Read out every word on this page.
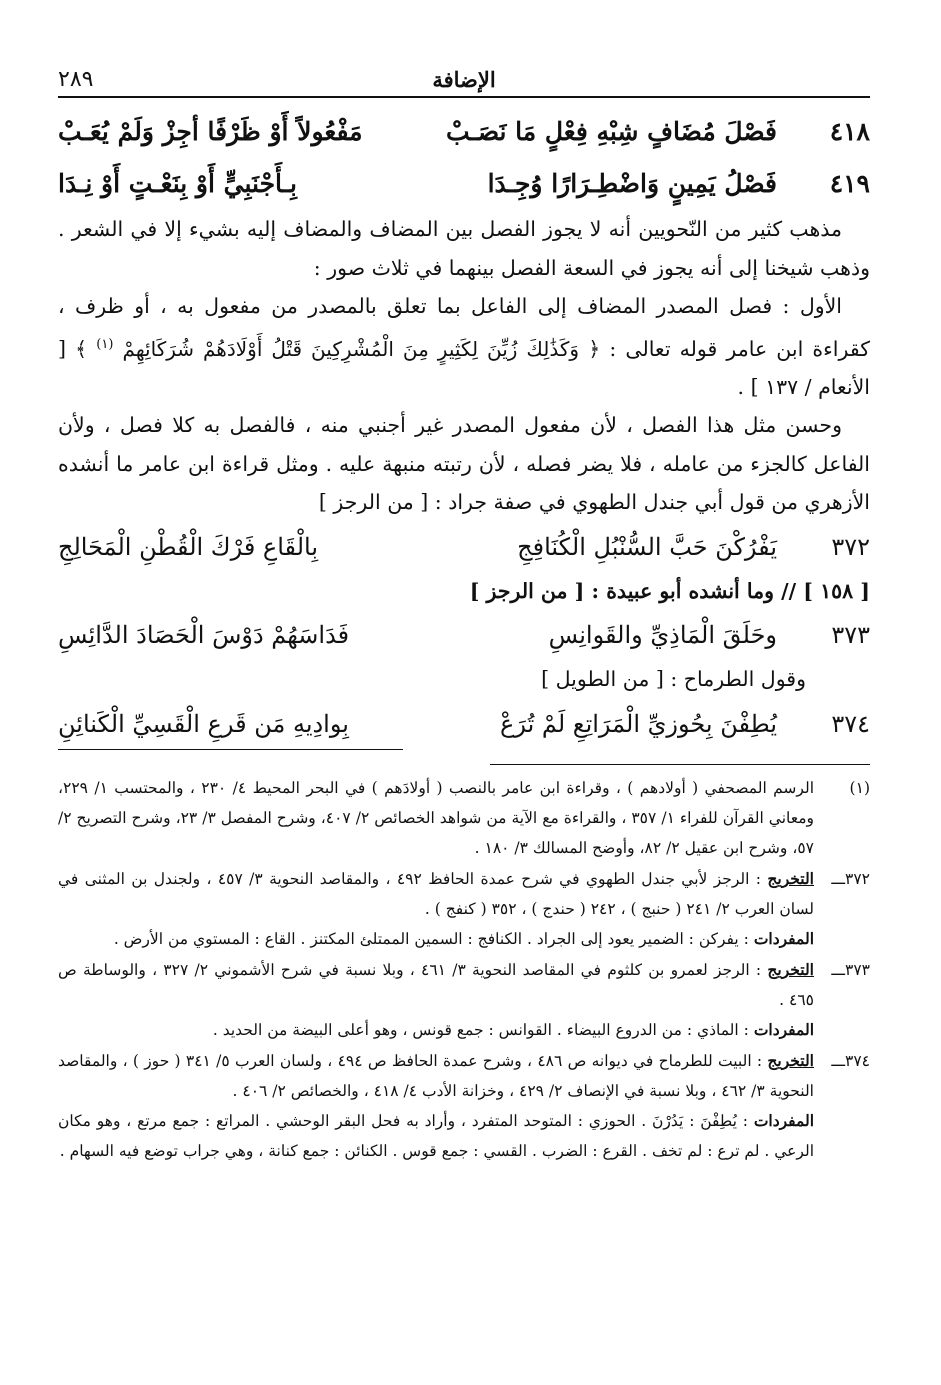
الإضافة
٢٨٩
٤١٨
فَصْلَ مُضَافٍ شِبْهِ فِعْلٍ مَا نَصَـبْ
مَفْعُولاً أَوْ ظَرْفًا أجِزْ وَلَمْ يُعَـبْ
٤١٩
فَصْلُ يَمِينٍ وَاضْطِـرَارًا وُجِـدَا
بِـأَجْنَبِيٍّ أَوْ بِنَعْـتٍ أَوْ نِـدَا

مذهب كثير من النّحويين أنه لا يجوز الفصل بين المضاف والمضاف إليه بشيء إلا في الشعر . وذهب شيخنا إلى أنه يجوز في السعة الفصل بينهما في ثلاث صور :

الأول : فصل المصدر المضاف إلى الفاعل بما تعلق بالمصدر من مفعول به ، أو ظرف ، كقراءة ابن عامر قوله تعالى : ﴿ وَكَذَٰلِكَ زُيِّنَ لِكَثِيرٍ مِنَ الْمُشْرِكِينَ قَتْلُ أَوْلَادَهُمْ شُرَكَائِهِمْ $^{(١)}$ ﴾ [ الأنعام / ١٣٧ ] .

وحسن مثل هذا الفصل ، لأن مفعول المصدر غير أجنبي منه ، فالفصل به كلا فصل ، ولأن الفاعل كالجزء من عامله ، فلا يضر فصله ، لأن رتبته منبهة عليه . ومثل قراءة ابن عامر ما أنشده الأزهري من قول أبي جندل الطهوي في صفة جراد : [ من الرجز ]

٣٧٢
يَفْرُكْنَ حَبَّ السُّنْبُلِ الْكُنَافِجِ
بِالْقَاعِ فَرْكَ الْقُطْنِ الْمَحَالِجِ
[ ١٥٨ ] // وما أنشده أبو عبيدة : [ من الرجز ]
٣٧٣
وحَلَقَ الْمَاذِيِّ والقَوانِسِ
فَدَاسَهُمْ دَوْسَ الْحَصَادَ الدَّائِسِ
وقول الطرماح : [ من الطويل ]
٣٧٤
يُطِفْنَ بِحُوزيِّ الْمَرَاتِعِ لَمْ تُرَعْ
بِوادِيهِ مَن قَرعِ الْقَسِيِّ الْكَنائِنِ
(١)
الرسم المصحفي ( أولادهم ) ، وقراءة ابن عامر بالنصب ( أولادَهم ) في البحر المحيط ٤/ ٢٣٠ ، والمحتسب ١/ ٢٢٩، ومعاني القرآن للفراء ١/ ٣٥٧ ، والقراءة مع الآية من شواهد الخصائص ٢/ ٤٠٧، وشرح المفصل ٣/ ٢٣، وشرح التصريح ٢/ ٥٧، وشرح ابن عقيل ٢/ ٨٢، وأوضح المسالك ٣/ ١٨٠ .
٣٧٢ـــ
التخريج : الرجز لأبي جندل الطهوي في شرح عمدة الحافظ ٤٩٢ ، والمقاصد النحوية ٣/ ٤٥٧ ، ولجندل بن المثنى في لسان العرب ٢/ ٢٤١ ( حنبج ) ، ٢٤٢ ( حندج ) ، ٣٥٢ ( كنفج ) .
المفردات : يفركن : الضمير يعود إلى الجراد . الكنافج : السمين الممتلئ المكتنز . القاع : المستوي من الأرض .
٣٧٣ـــ
التخريج : الرجز لعمرو بن كلثوم في المقاصد النحوية ٣/ ٤٦١ ، وبلا نسبة في شرح الأشموني ٢/ ٣٢٧ ، والوساطة ص ٤٦٥ .
المفردات : الماذي : من الدروع البيضاء . القوانس : جمع قونس ، وهو أعلى البيضة من الحديد .
٣٧٤ـــ
التخريج : البيت للطرماح في ديوانه ص ٤٨٦ ، وشرح عمدة الحافظ ص ٤٩٤ ، ولسان العرب ٥/ ٣٤١ ( حوز ) ، والمقاصد النحوية ٣/ ٤٦٢ ، وبلا نسبة في الإنصاف ٢/ ٤٢٩ ، وخزانة الأدب ٤/ ٤١٨ ، والخصائص ٢/ ٤٠٦ .
المفردات : يُطِفْنَ : يَدُرْنَ . الحوزي : المتوحد المتفرد ، وأراد به فحل البقر الوحشي . المراتع : جمع مرتع ، وهو مكان الرعي . لم ترع : لم تخف . القرع : الضرب . القسي : جمع قوس . الكنائن : جمع كنانة ، وهي جراب توضع فيه السهام .
